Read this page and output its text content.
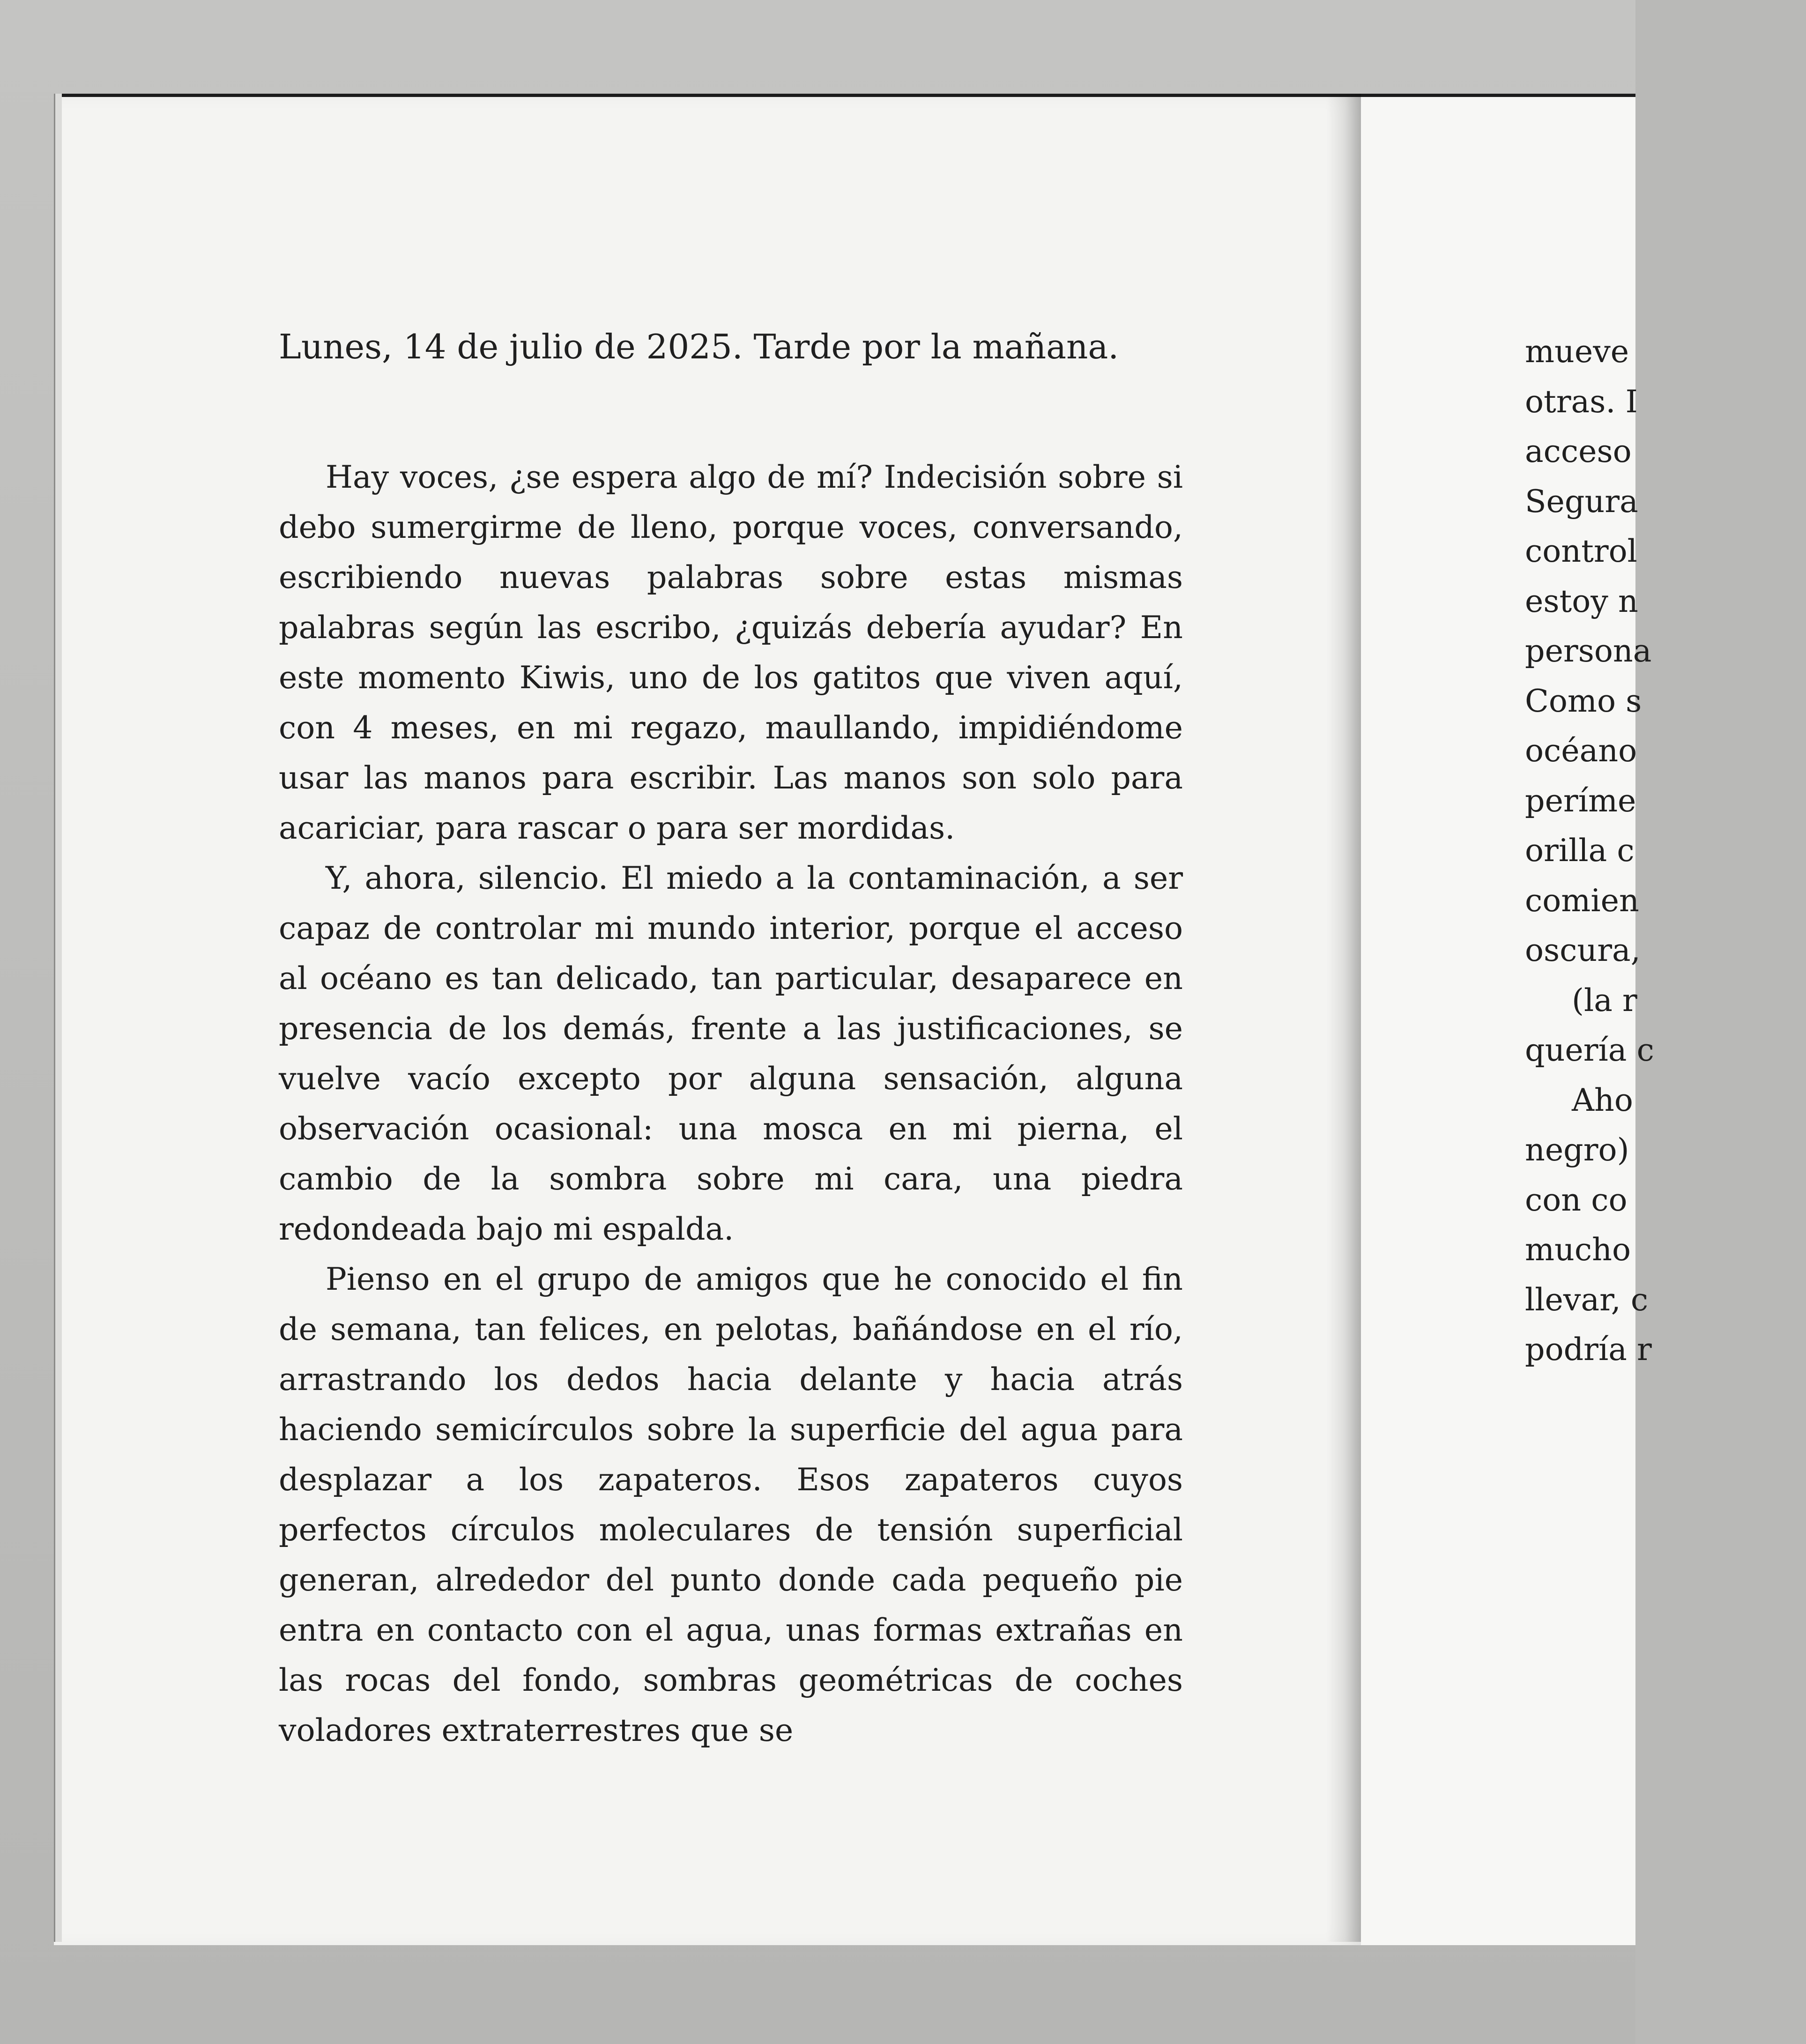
mueve
otras. I
acceso
Segura
control
estoy n
persona
Como s
océano
períme
orilla c
comien
oscura,
(la r
quería c
Aho
negro)
con co
mucho
llevar, c
podría r
Lunes, 14 de julio de 2025. Tarde por la mañana.

Hay voces, ¿se espera algo de mí? Indecisión sobre si debo sumergirme de lleno, porque voces, conversando, escribiendo nuevas palabras sobre estas mismas palabras según las escribo, ¿quizás debería ayudar? En este momento Kiwis, uno de los gatitos que viven aquí, con 4 meses, en mi regazo, maullando, impidiéndome usar las manos para escribir. Las manos son solo para acariciar, para rascar o para ser mordidas.

Y, ahora, silencio. El miedo a la contaminación, a ser capaz de controlar mi mundo interior, porque el acceso al océano es tan delicado, tan particular, desaparece en presencia de los demás, frente a las justificaciones, se vuelve vacío excepto por alguna sensación, alguna observación ocasional: una mosca en mi pierna, el cambio de la sombra sobre mi cara, una piedra redondeada bajo mi espalda.

Pienso en el grupo de amigos que he conocido el fin de semana, tan felices, en pelotas, bañándose en el río, arrastrando los dedos hacia delante y hacia atrás haciendo semicírculos sobre la superficie del agua para desplazar a los zapateros. Esos zapateros cuyos perfectos círculos moleculares de tensión superficial generan, alrededor del punto donde cada pequeño pie entra en contacto con el agua, unas formas extrañas en las rocas del fondo, sombras geométricas de coches voladores extraterrestres que se
